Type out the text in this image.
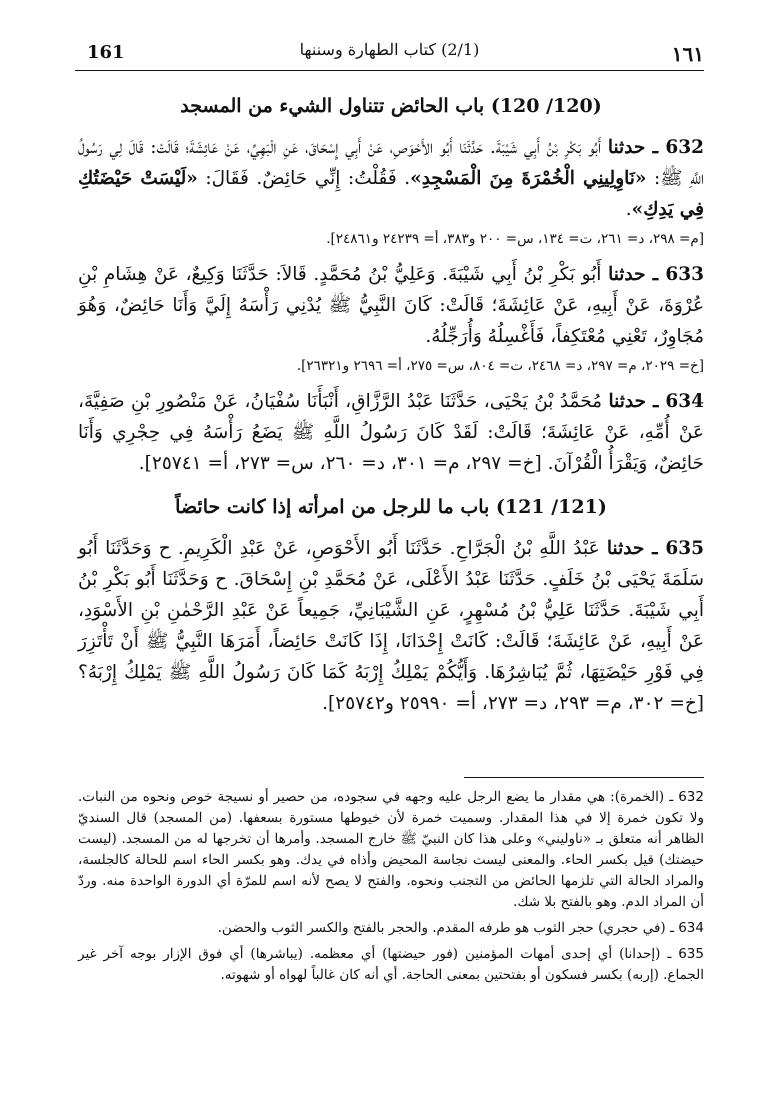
161	(2/1) كتاب الطهارة وسننها	١٦١
(120/ 120) باب الحائض تتناول الشيء من المسجد

632 ـ حدثنا أَبُو بَكْرِ بْنُ أَبِي شَيْبَةَ. حَدَّثَنَا أَبُو الأَحْوَصِ، عَنْ أَبِي إِسْحَاقَ، عَنِ الْبَهِيِّ، عَنْ عَائِشَةَ؛ قَالَتْ: قَالَ لِي رَسُولُ اللَّهِ ﷺ: «نَاوِلِينِي الْخُمْرَةَ مِنَ الْمَسْجِدِ». فَقُلْتُ: إِنِّي حَائِضٌ. فَقَالَ: «لَيْسَتْ حَيْضَتُكِ فِي يَدِكِ».

[م= ٢٩٨، د= ٢٦١، ت= ١٣٤، س= ٢٠٠ و٣٨٣، أ= ٢٤٢٣٩ و٢٤٨٦١].

633 ـ حدثنا أَبُو بَكْرِ بْنُ أَبِي شَيْبَةَ. وَعَلِيُّ بْنُ مُحَمَّدٍ. قَالاَ: حَدَّثَنَا وَكِيعٌ، عَنْ هِشَامِ بْنِ عُرْوَةَ، عَنْ أَبِيهِ، عَنْ عَائِشَةَ؛ قَالَتْ: كَانَ النَّبِيُّ ﷺ يُدْنِي رَأْسَهُ إِلَيَّ وَأَنَا حَائِضٌ، وَهُوَ مُجَاوِرٌ، تَعْنِي مُعْتَكِفاً، فَأَغْسِلُهُ وَأُرَجِّلُهُ.

[خ= ٢٠٢٩، م= ٢٩٧، د= ٢٤٦٨، ت= ٨٠٤، س= ٢٧٥، أ= ٢٦٩٦ و٢٦٣٢١].

634 ـ حدثنا مُحَمَّدُ بْنُ يَحْيَى، حَدَّثَنَا عَبْدُ الرَّزَّاقِ، أَنْبَأَنَا سُفْيَانُ، عَنْ مَنْصُورِ بْنِ صَفِيَّةَ، عَنْ أُمِّهِ، عَنْ عَائِشَةَ؛ قَالَتْ: لَقَدْ كَانَ رَسُولُ اللَّهِ ﷺ يَضَعُ رَأْسَهُ فِي حِجْرِي وَأَنَا حَائِضٌ، وَيَقْرَأُ الْقُرْآنَ. [خ= ٢٩٧، م= ٣٠١، د= ٢٦٠، س= ٢٧٣، أ= ٢٥٧٤١].

(121/ 121) باب ما للرجل من امرأته إذا كانت حائضاً

635 ـ حدثنا عَبْدُ اللَّهِ بْنُ الْجَرَّاحِ. حَدَّثَنَا أَبُو الأَحْوَصِ، عَنْ عَبْدِ الْكَرِيمِ. ح وَحَدَّثَنَا أَبُو سَلَمَةَ يَحْيَى بْنُ خَلَفٍ. حَدَّثَنَا عَبْدُ الأَعْلَى، عَنْ مُحَمَّدِ بْنِ إِسْحَاقَ. ح وَحَدَّثَنَا أَبُو بَكْرِ بْنُ أَبِي شَيْبَةَ. حَدَّثَنَا عَلِيُّ بْنُ مُسْهِرٍ، عَنِ الشَّيْبَانِيِّ، جَمِيعاً عَنْ عَبْدِ الرَّحْمٰنِ بْنِ الأَسْوَدِ، عَنْ أَبِيهِ، عَنْ عَائِشَةَ؛ قَالَتْ: كَانَتْ إِحْدَانَا، إِذَا كَانَتْ حَائِضاً، أَمَرَهَا النَّبِيُّ ﷺ أَنْ تَأْتَزِرَ فِي فَوْرِ حَيْضَتِهَا، ثُمَّ يُبَاشِرُهَا. وَأَيُّكُمْ يَمْلِكُ إِرْبَهُ كَمَا كَانَ رَسُولُ اللَّهِ ﷺ يَمْلِكُ إِرْبَهُ؟ [خ= ٣٠٢، م= ٢٩٣، د= ٢٧٣، أ= ٢٥٩٩٠ و٢٥٧٤٢].

632 ـ (الخمرة): هي مقدار ما يضع الرجل عليه وجهه في سجوده، من حصير أو نسيجة خوص ونحوه من النبات. ولا تكون خمرة إلا في هذا المقدار. وسميت خمرة لأن خيوطها مستورة بسعفها. (من المسجد) قال السنديّ الظاهر أنه متعلق بـ «ناوليني» وعلى هذا كان النبيّ ﷺ خارج المسجد. وأمرها أن تخرجها له من المسجد. (ليست حيضتك) قيل بكسر الحاء. والمعنى ليست نجاسة المحيض وأذاه في يدك. وهو بكسر الحاء اسم للحالة كالجلسة، والمراد الحالة التي تلزمها الحائض من التجنب ونحوه. والفتح لا يصح لأنه اسم للمرّة أي الدورة الواحدة منه. وردّ أن المراد الدم. وهو بالفتح بلا شك.

634 ـ (في حجري) حجر الثوب هو طرفه المقدم. والحجر بالفتح والكسر الثوب والحضن.

635 ـ (إحدانا) أي إحدى أمهات المؤمنين (فور حيضتها) أي معظمه. (يباشرها) أي فوق الإزار بوجه آخر غير الجماع. (إربه) بكسر فسكون أو بفتحتين بمعنى الحاجة. أي أنه كان غالباً لهواه أو شهوته.
